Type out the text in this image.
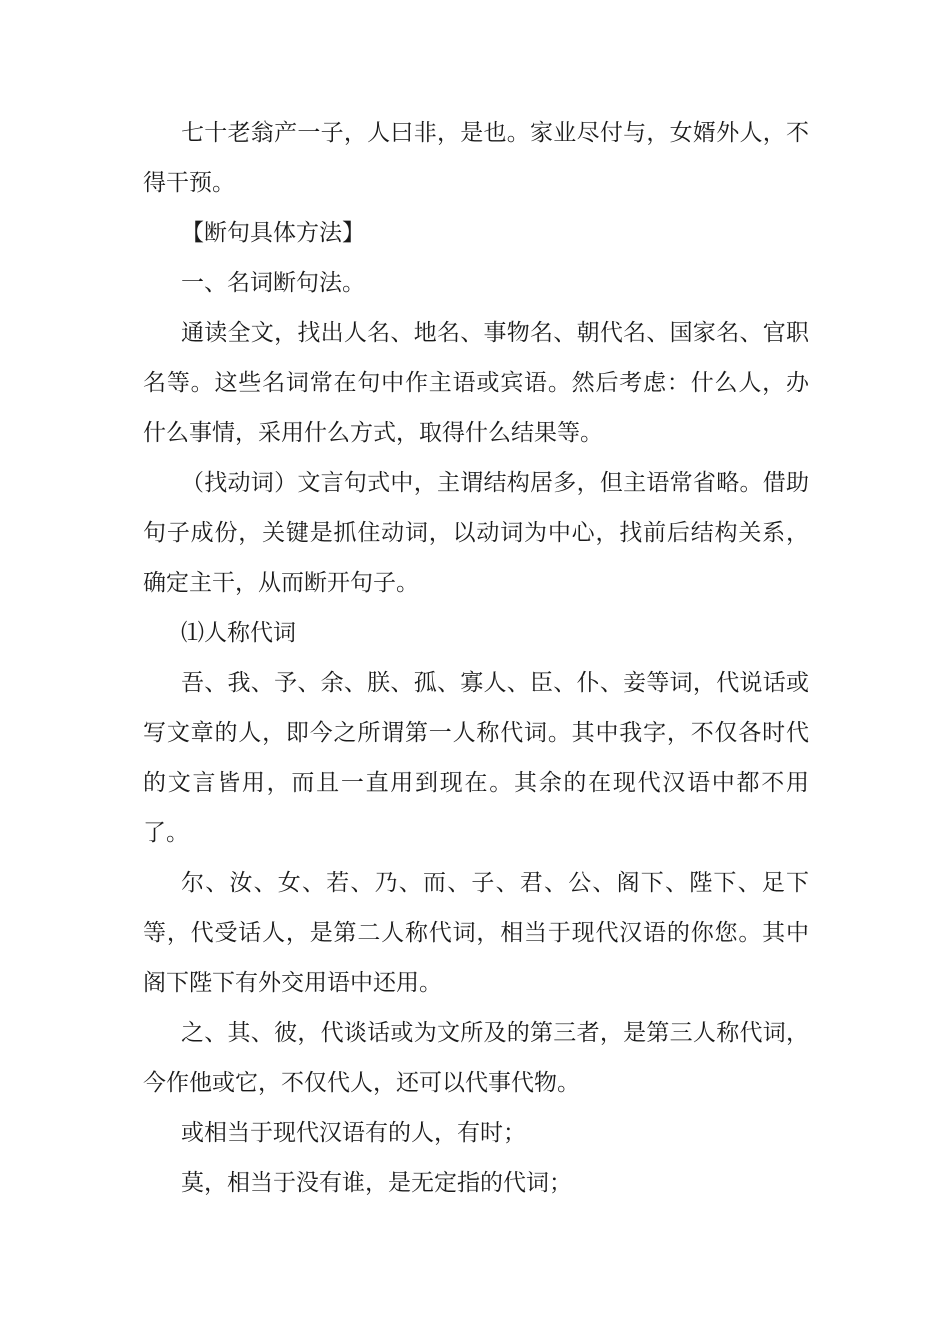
七十老翁产一子，人曰非，是也。家业尽付与，女婿外人，不得干预。

【断句具体方法】

一、名词断句法。

通读全文，找出人名、地名、事物名、朝代名、国家名、官职名等。这些名词常在句中作主语或宾语。然后考虑：什么人，办什么事情，采用什么方式，取得什么结果等。

（找动词）文言句式中，主谓结构居多，但主语常省略。借助句子成份，关键是抓住动词，以动词为中心，找前后结构关系，确定主干，从而断开句子。

⑴人称代词

吾、我、予、余、朕、孤、寡人、臣、仆、妾等词，代说话或写文章的人，即今之所谓第一人称代词。其中我字，不仅各时代的文言皆用，而且一直用到现在。其余的在现代汉语中都不用了。

尔、汝、女、若、乃、而、子、君、公、阁下、陛下、足下等，代受话人，是第二人称代词，相当于现代汉语的你您。其中阁下陛下有外交用语中还用。

之、其、彼，代谈话或为文所及的第三者，是第三人称代词，今作他或它，不仅代人，还可以代事代物。

或相当于现代汉语有的人，有时；

莫，相当于没有谁，是无定指的代词；
